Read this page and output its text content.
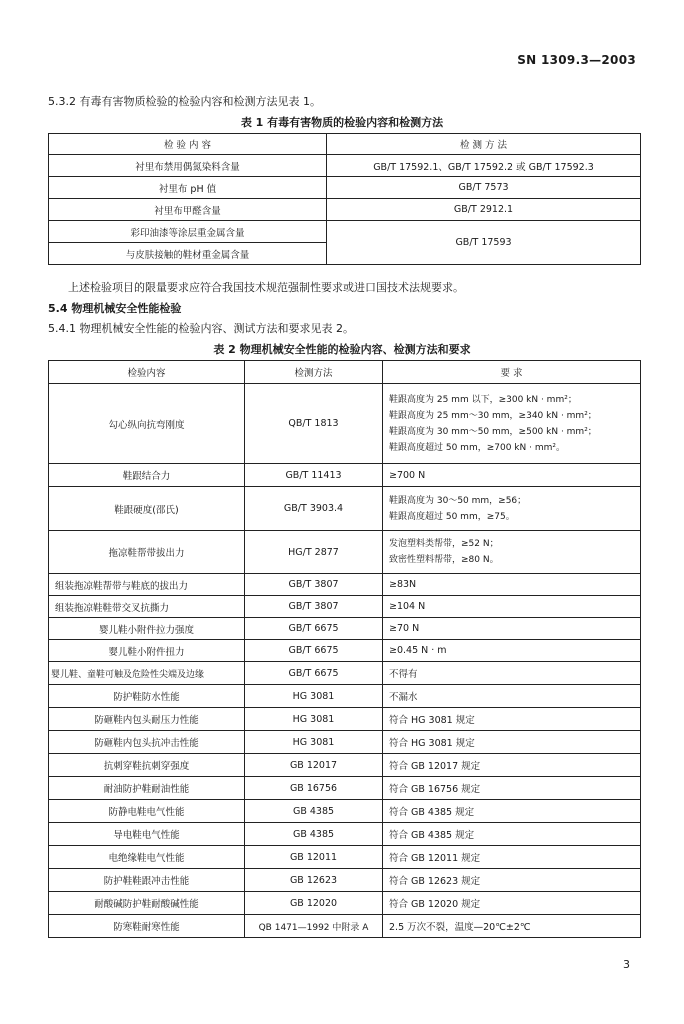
SN 1309.3—2003
5.3.2 有毒有害物质检验的检验内容和检测方法见表 1。
表 1 有毒有害物质的检验内容和检测方法
检 验 内 容	检 测 方 法
衬里布禁用偶氮染料含量	GB/T 17592.1、GB/T 17592.2 或 GB/T 17592.3
衬里布 pH 值	GB/T 7573
衬里布甲醛含量	GB/T 2912.1
彩印油漆等涂层重金属含量	GB/T 17593
与皮肤接触的鞋材重金属含量	
上述检验项目的限量要求应符合我国技术规范强制性要求或进口国技术法规要求。
5.4 物理机械安全性能检验
5.4.1 物理机械安全性能的检验内容、测试方法和要求见表 2。
表 2 物理机械安全性能的检验内容、检测方法和要求
检验内容	检测方法	要 求
勾心纵向抗弯刚度	QB/T 1813	鞋跟高度为 25 mm 以下，≥300 kN · mm²；
鞋跟高度为 25 mm～30 mm，≥340 kN · mm²；
鞋跟高度为 30 mm～50 mm，≥500 kN · mm²；
鞋跟高度超过 50 mm，≥700 kN · mm²。

鞋跟结合力	GB/T 11413	≥700 N
鞋跟硬度(邵氏)	GB/T 3903.4	鞋跟高度为 30～50 mm，≥56；
鞋跟高度超过 50 mm，≥75。

拖凉鞋帮带拔出力	HG/T 2877	发泡塑料类帮带，≥52 N；
致密性塑料帮带，≥80 N。

组装拖凉鞋帮带与鞋底的拔出力	GB/T 3807	≥83N
组装拖凉鞋鞋带交叉抗撕力	GB/T 3807	≥104 N
婴儿鞋小附件拉力强度	GB/T 6675	≥70 N
婴儿鞋小附件扭力	GB/T 6675	≥0.45 N · m
婴儿鞋、童鞋可触及危险性尖端及边缘	GB/T 6675	不得有
防护鞋防水性能	HG 3081	不漏水
防砸鞋内包头耐压力性能	HG 3081	符合 HG 3081 规定
防砸鞋内包头抗冲击性能	HG 3081	符合 HG 3081 规定
抗刺穿鞋抗刺穿强度	GB 12017	符合 GB 12017 规定
耐油防护鞋耐油性能	GB 16756	符合 GB 16756 规定
防静电鞋电气性能	GB 4385	符合 GB 4385 规定
导电鞋电气性能	GB 4385	符合 GB 4385 规定
电绝缘鞋电气性能	GB 12011	符合 GB 12011 规定
防护鞋鞋跟冲击性能	GB 12623	符合 GB 12623 规定
耐酸碱防护鞋耐酸碱性能	GB 12020	符合 GB 12020 规定
防寒鞋耐寒性能	QB 1471—1992 中附录 A	2.5 万次不裂，温度—20℃±2℃
3
